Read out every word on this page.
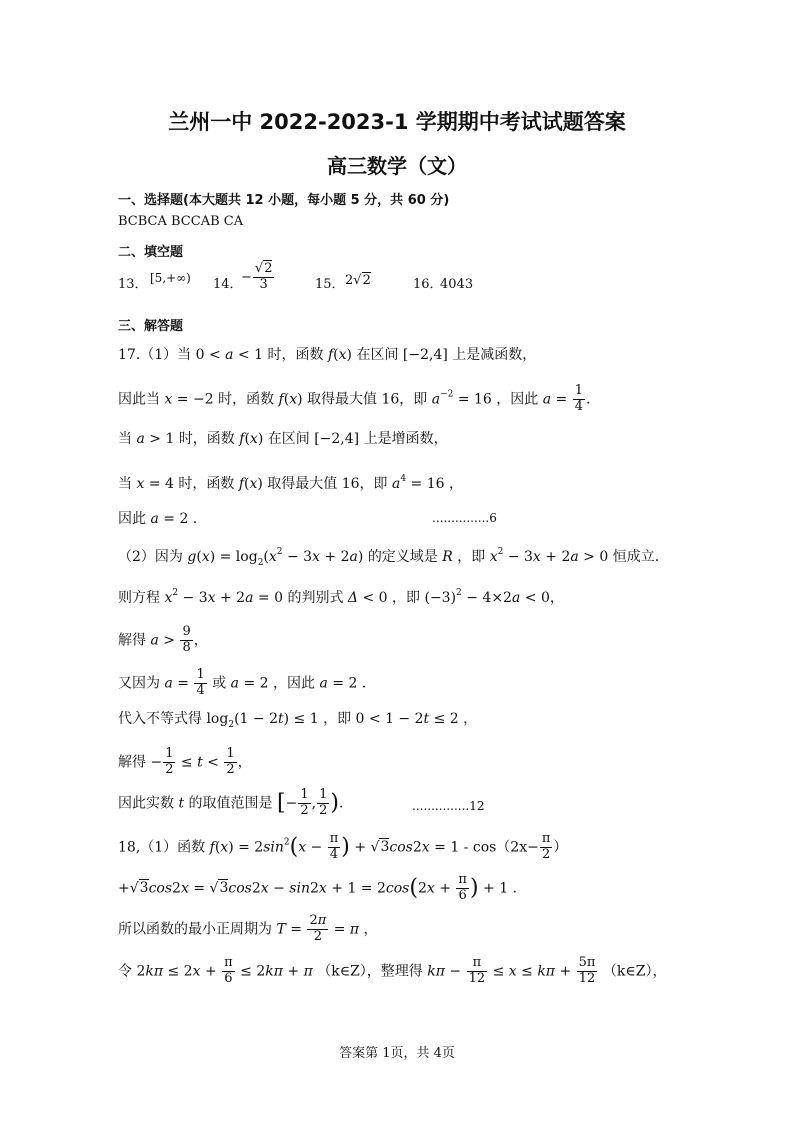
兰州一中 2022-2023-1 学期期中考试试题答案
高三数学（文）
一、选择题(本大题共 12 小题，每小题 5 分，共 60 分)
BCBCA BCCAB CA
二、填空题
13． [5,+∞) 14．
− $\frac{√2}{3}$	15． 2√2	16．
4043
三、解答题
17.（1）当 0 < a < 1 时，函数 f(x) 在区间 [−2,4] 上是减函数，
因此当 x = −2 时，函数 f(x) 取得最大值 16，即 $a^{-2} = 16$ ，因此 $a = \frac{1}{4}$ .
当 a > 1 时，函数 f(x) 在区间 [−2,4] 上是增函数，
当 x = 4 时，函数 f(x) 取得最大值 16，即 $a^4 = 16$ ，
因此 a = 2 .	...............6
（2）因为 $g(x) = \log_2(x^2 - 3x + 2a)$ 的定义域是 R ，即 $x^2 - 3x + 2a > 0$ 恒成立.
则方程 $x^2 - 3x + 2a = 0$ 的判别式 Δ < 0 ，即 $(-3)^2 - 4\times 2a < 0$，
解得 $a > \frac{9}{8}$ ，
又因为 $a = \frac{1}{4}$ 或 a = 2 ，因此 a = 2 .
代入不等式得 $\log_2(1 - 2t) \le 1$ ，即 0 < 1 − 2t ≤ 2 ，
解得 − $\frac{1}{2} \le t < \frac{1}{2}$ ，
因此实数 t 的取值范围是 [− $\frac{1}{2}$ , $\frac{1}{2}$ ).	...............12
18,（1）函数 $f(x) = 2\sin^2(x - \frac{\pi}{4}$ ) + $√3\cos 2x = 1 - \cos(2x- \frac{\pi}{2}$ ）
$+√3\cos 2x = √3\cos 2x - \sin 2x + 1 = 2\cos(2x + \frac{\pi}{6}$ ) + 1 .
所以函数的最小正周期为 $T = \frac{2\pi}{2} = \pi$ ，
令 $2k\pi \le 2x + \frac{\pi}{6} \le 2k\pi + \pi$ （k∈Z），整理得 $k\pi - \frac{\pi}{12} \le x \le k\pi + \frac{5\pi}{12}$ （k∈Z），
答案第 1页，共 4页
